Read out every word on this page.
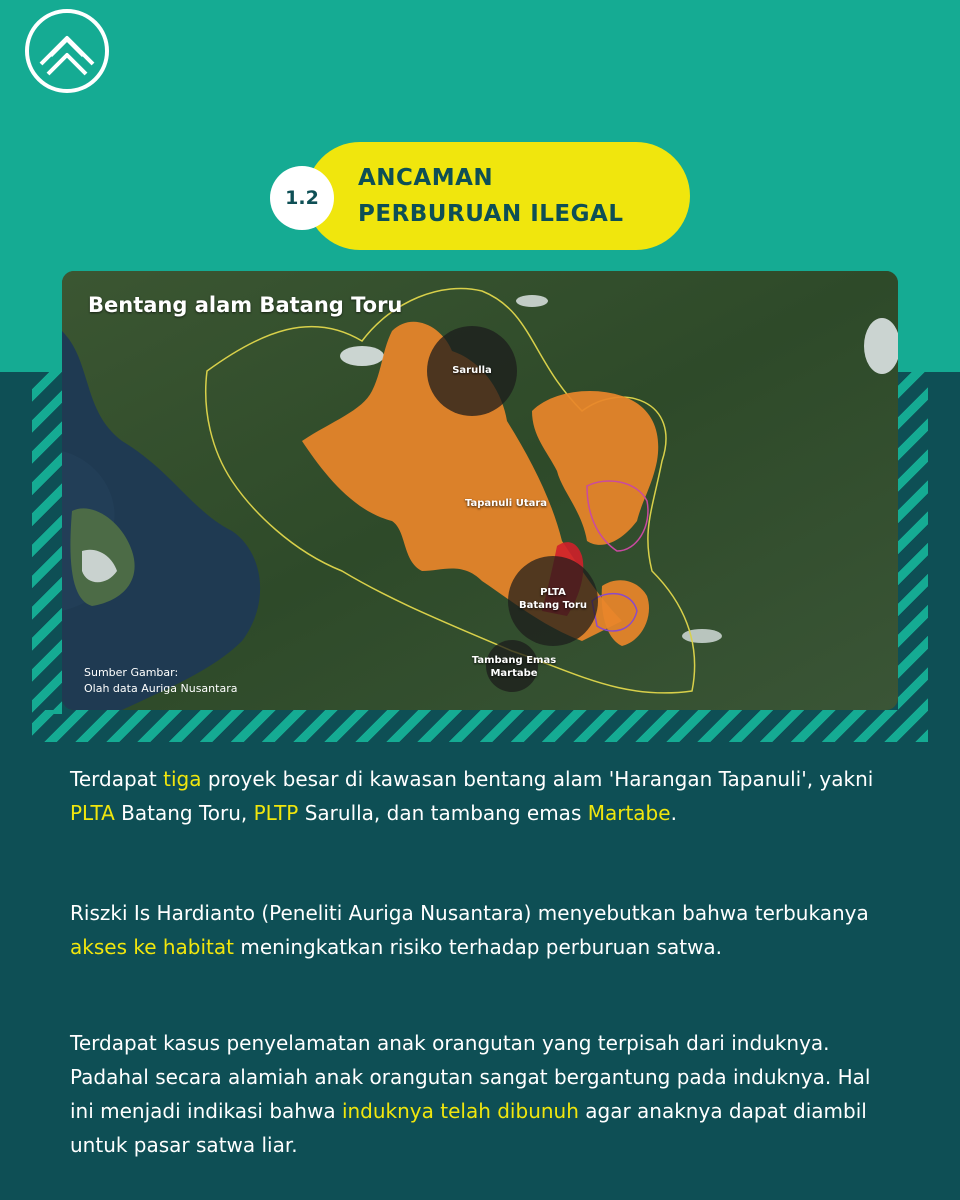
1.2
ANCAMAN
PERBURUAN ILEGAL
Bentang alam Batang Toru
Sarulla
Tapanuli Utara
PLTA
Batang Toru
Tambang Emas
Martabe
Sumber Gambar:
Olah data Auriga Nusantara

Terdapat tiga proyek besar di kawasan bentang alam 'Harangan Tapanuli', yakni PLTA Batang Toru, PLTP Sarulla, dan tambang emas Martabe.

Riszki Is Hardianto (Peneliti Auriga Nusantara) menyebutkan bahwa terbukanya akses ke habitat meningkatkan risiko terhadap perburuan satwa.

Terdapat kasus penyelamatan anak orangutan yang terpisah dari induknya. Padahal secara alamiah anak orangutan sangat bergantung pada induknya. Hal ini menjadi indikasi bahwa induknya telah dibunuh agar anaknya dapat diambil untuk pasar satwa liar.
